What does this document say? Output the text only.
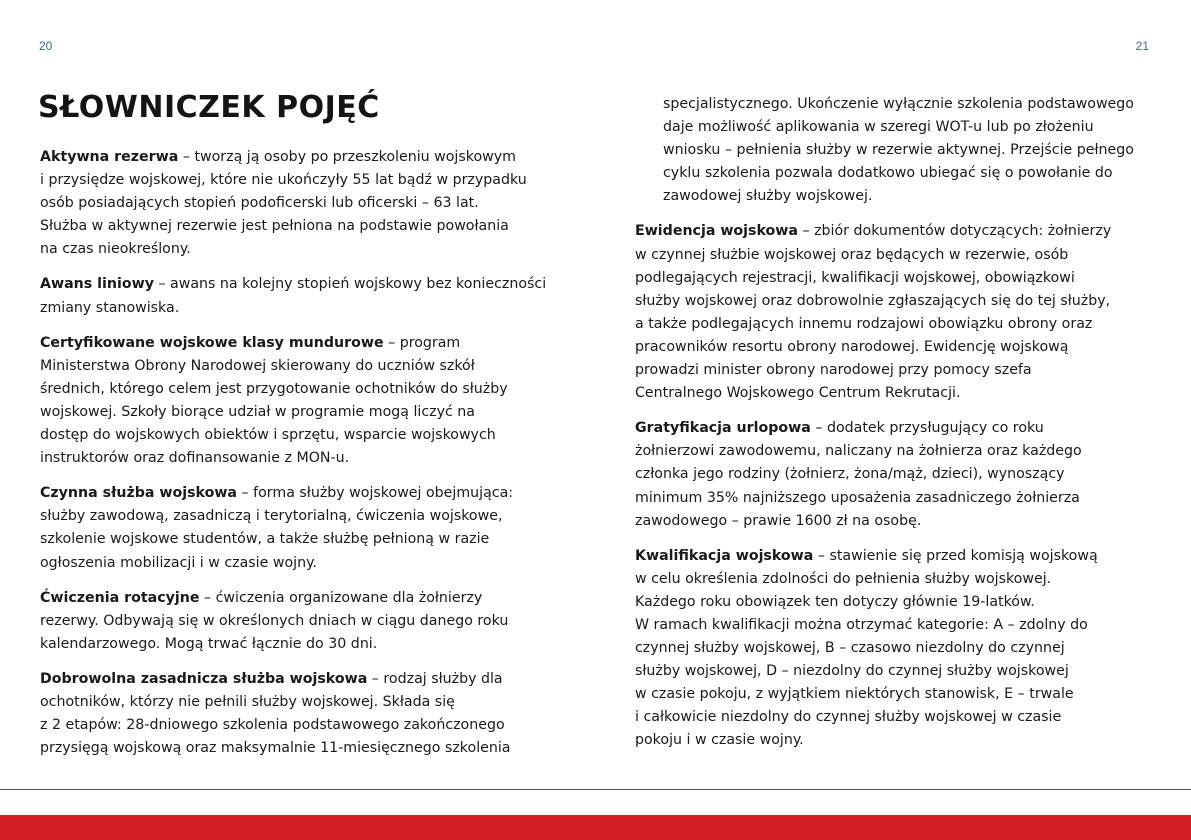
20	21
SŁOWNICZEK POJĘĆ

Aktywna rezerwa – tworzą ją osoby po przeszkoleniu wojskowym
i przysiędze wojskowej, które nie ukończyły 55 lat bądź w przypadku
osób posiadających stopień podoficerski lub oficerski – 63 lat.
Służba w aktywnej rezerwie jest pełniona na podstawie powołania
na czas nieokreślony.

Awans liniowy – awans na kolejny stopień wojskowy bez konieczności
zmiany stanowiska.

Certyfikowane wojskowe klasy mundurowe – program
Ministerstwa Obrony Narodowej skierowany do uczniów szkół
średnich, którego celem jest przygotowanie ochotników do służby
wojskowej. Szkoły biorące udział w programie mogą liczyć na
dostęp do wojskowych obiektów i sprzętu, wsparcie wojskowych
instruktorów oraz dofinansowanie z MON-u.

Czynna służba wojskowa – forma służby wojskowej obejmująca:
służby zawodową, zasadniczą i terytorialną, ćwiczenia wojskowe,
szkolenie wojskowe studentów, a także służbę pełnioną w razie
ogłoszenia mobilizacji i w czasie wojny.

Ćwiczenia rotacyjne – ćwiczenia organizowane dla żołnierzy
rezerwy. Odbywają się w określonych dniach w ciągu danego roku
kalendarzowego. Mogą trwać łącznie do 30 dni.

Dobrowolna zasadnicza służba wojskowa – rodzaj służby dla
ochotników, którzy nie pełnili służby wojskowej. Składa się
z 2 etapów: 28-dniowego szkolenia podstawowego zakończonego
przysięgą wojskową oraz maksymalnie 11-miesięcznego szkolenia

specjalistycznego. Ukończenie wyłącznie szkolenia podstawowego
daje możliwość aplikowania w szeregi WOT-u lub po złożeniu
wniosku – pełnienia służby w rezerwie aktywnej. Przejście pełnego
cyklu szkolenia pozwala dodatkowo ubiegać się o powołanie do
zawodowej służby wojskowej.

Ewidencja wojskowa – zbiór dokumentów dotyczących: żołnierzy
w czynnej służbie wojskowej oraz będących w rezerwie, osób
podlegających rejestracji, kwalifikacji wojskowej, obowiązkowi
służby wojskowej oraz dobrowolnie zgłaszających się do tej służby,
a także podlegających innemu rodzajowi obowiązku obrony oraz
pracowników resortu obrony narodowej. Ewidencję wojskową
prowadzi minister obrony narodowej przy pomocy szefa
Centralnego Wojskowego Centrum Rekrutacji.

Gratyfikacja urlopowa – dodatek przysługujący co roku
żołnierzowi zawodowemu, naliczany na żołnierza oraz każdego
członka jego rodziny (żołnierz, żona/mąż, dzieci), wynoszący
minimum 35% najniższego uposażenia zasadniczego żołnierza
zawodowego – prawie 1600 zł na osobę.

Kwalifikacja wojskowa – stawienie się przed komisją wojskową
w celu określenia zdolności do pełnienia służby wojskowej.
Każdego roku obowiązek ten dotyczy głównie 19-latków.
W ramach kwalifikacji można otrzymać kategorie: A – zdolny do
czynnej służby wojskowej, B – czasowo niezdolny do czynnej
służby wojskowej, D – niezdolny do czynnej służby wojskowej
w czasie pokoju, z wyjątkiem niektórych stanowisk, E – trwale
i całkowicie niezdolny do czynnej służby wojskowej w czasie
pokoju i w czasie wojny.
